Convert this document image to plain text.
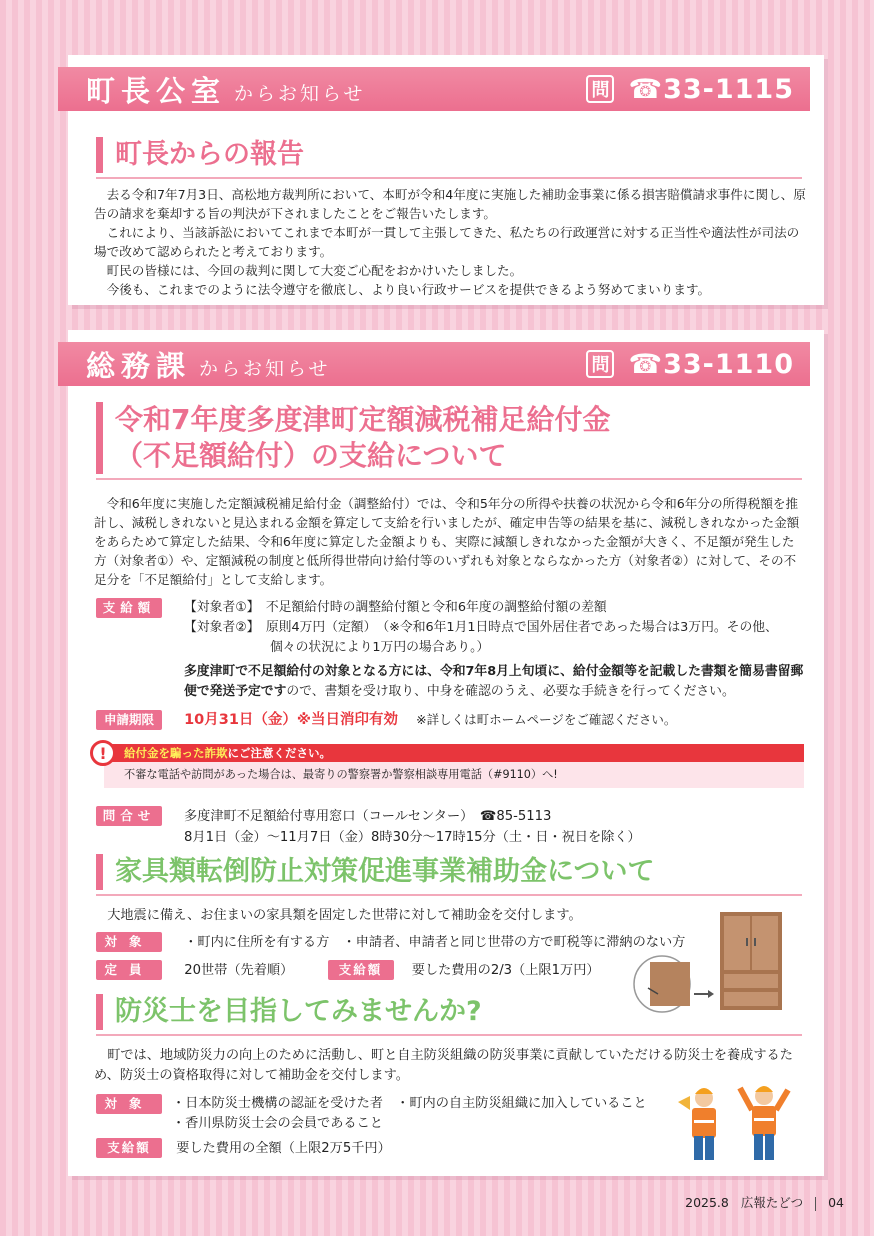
町長公室 からお知らせ	問 ☎33-1115
町長からの報告

去る令和7年7月3日、高松地方裁判所において、本町が令和4年度に実施した補助金事業に係る損害賠償請求事件に関し、原告の請求を棄却する旨の判決が下されましたことをご報告いたします。

これにより、当該訴訟においてこれまで本町が一貫して主張してきた、私たちの行政運営に対する正当性や適法性が司法の場で改めて認められたと考えております。

町民の皆様には、今回の裁判に関して大変ご心配をおかけいたしました。

今後も、これまでのように法令遵守を徹底し、より良い行政サービスを提供できるよう努めてまいります。

総務課 からお知らせ	問 ☎33-1110
令和7年度多度津町定額減税補足給付金
（不足額給付）の支給について

令和6年度に実施した定額減税補足給付金（調整給付）では、令和5年分の所得や扶養の状況から令和6年分の所得税額を推計し、減税しきれないと見込まれる金額を算定して支給を行いましたが、確定申告等の結果を基に、減税しきれなかった金額をあらためて算定した結果、令和6年度に算定した金額よりも、実際に減額しきれなかった金額が大きく、不足額が発生した方（対象者①）や、定額減税の制度と低所得世帯向け給付等のいずれも対象とならなかった方（対象者②）に対して、その不足分を「不足額給付」として支給します。

支給額	【対象者①】　 不足額給付時の調整給付額と令和6年度の調整給付額の差額
【対象者②】　 原則4万円（定額）　（※令和6年1月1日時点で国外居住者であった場合は3万円。その他、
個々の状況により1万円の場合あり。）
多度津町で不足額給付の対象となる方には、令和7年8月上旬頃に、給付金額等を記載した書類を簡易書留郵便で発送予定ですので、書類を受け取り、中身を確認のうえ、必要な手続きを行ってください。
申請期限 10月31日（金）※当日消印有効 ※詳しくは町ホームページをご確認ください。
給付金を騙った詐欺にご注意ください。
不審な電話や訪問があった場合は、最寄りの警察署か警察相談専用電話（#9110）へ!
!
問合せ	多度津町不足額給付専用窓口（コールセンター）　☎85-5113
8月1日（金）～11月7日（金）8時30分～17時15分（土・日・祝日を除く）
家具類転倒防止対策促進事業補助金について

大地震に備え、お住まいの家具類を固定した世帯に対して補助金を交付します。

対象 ・町内に住所を有する方　・申請者、申請者と同じ世帯の方で町税等に滞納のない方
定員 20世帯（先着順）	支給額 要した費用の2/3（上限1万円）
防災士を目指してみませんか?

町では、地域防災力の向上のために活動し、町と自主防災組織の防災事業に貢献していただける防災士を養成するため、防災士の資格取得に対して補助金を交付します。

対象	・日本防災士機構の認証を受けた者　・町内の自主防災組織に加入していること
・香川県防災士会の会員であること
支給額 要した費用の全額（上限2万5千円）
2025.8 広報たどつ 04
